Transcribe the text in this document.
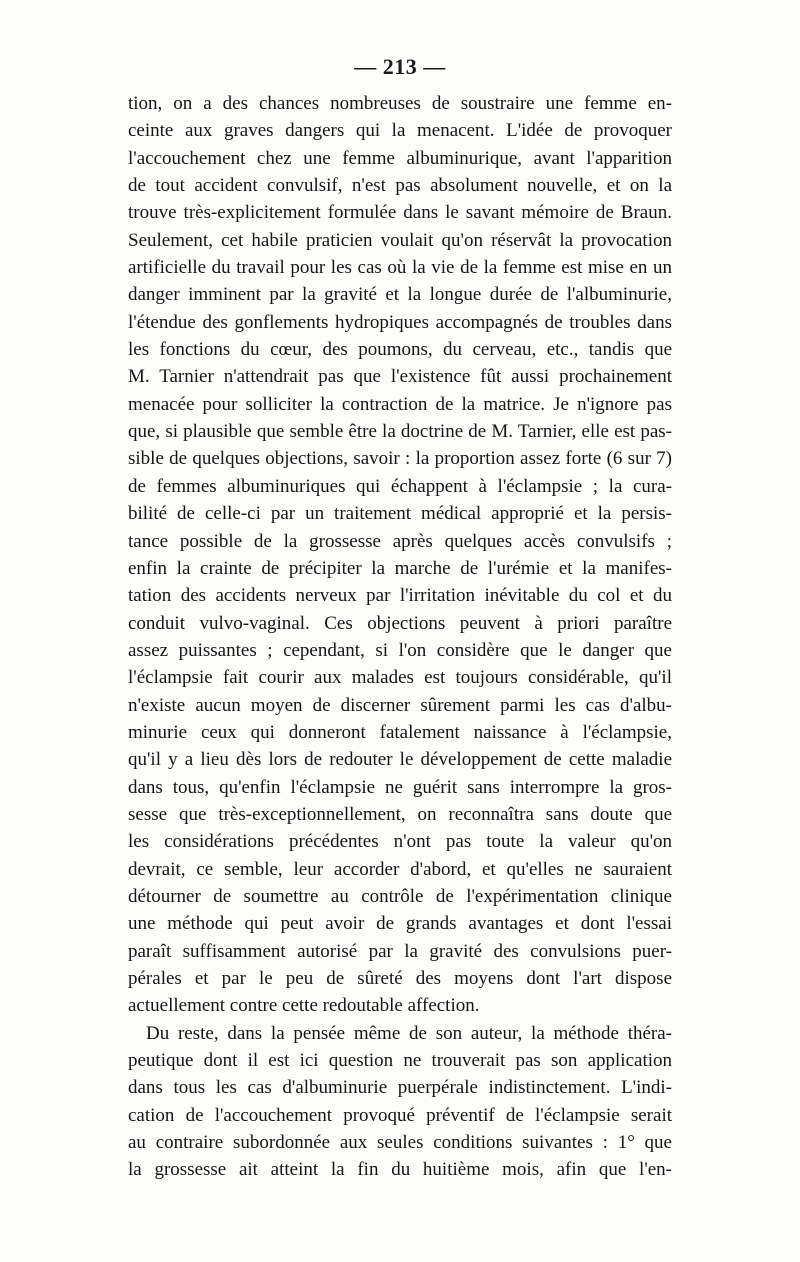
— 213 —
tion, on a des chances nombreuses de soustraire une femme en-
ceinte aux graves dangers qui la menacent. L'idée de provoquer
l'accouchement chez une femme albuminurique, avant l'apparition
de tout accident convulsif, n'est pas absolument nouvelle, et on la
trouve très-explicitement formulée dans le savant mémoire de Braun.
Seulement, cet habile praticien voulait qu'on réservât la provocation
artificielle du travail pour les cas où la vie de la femme est mise en un
danger imminent par la gravité et la longue durée de l'albuminurie,
l'étendue des gonflements hydropiques accompagnés de troubles dans
les fonctions du cœur, des poumons, du cerveau, etc., tandis que
M. Tarnier n'attendrait pas que l'existence fût aussi prochainement
menacée pour solliciter la contraction de la matrice. Je n'ignore pas
que, si plausible que semble être la doctrine de M. Tarnier, elle est pas-
sible de quelques objections, savoir : la proportion assez forte (6 sur 7)
de femmes albuminuriques qui échappent à l'éclampsie ; la cura-
bilité de celle-ci par un traitement médical approprié et la persis-
tance possible de la grossesse après quelques accès convulsifs ;
enfin la crainte de précipiter la marche de l'urémie et la manifes-
tation des accidents nerveux par l'irritation inévitable du col et du
conduit vulvo-vaginal. Ces objections peuvent à priori paraître
assez puissantes ; cependant, si l'on considère que le danger que
l'éclampsie fait courir aux malades est toujours considérable, qu'il
n'existe aucun moyen de discerner sûrement parmi les cas d'albu-
minurie ceux qui donneront fatalement naissance à l'éclampsie,
qu'il y a lieu dès lors de redouter le développement de cette maladie
dans tous, qu'enfin l'éclampsie ne guérit sans interrompre la gros-
sesse que très-exceptionnellement, on reconnaîtra sans doute que
les considérations précédentes n'ont pas toute la valeur qu'on
devrait, ce semble, leur accorder d'abord, et qu'elles ne sauraient
détourner de soumettre au contrôle de l'expérimentation clinique
une méthode qui peut avoir de grands avantages et dont l'essai
paraît suffisamment autorisé par la gravité des convulsions puer-
pérales et par le peu de sûreté des moyens dont l'art dispose
actuellement contre cette redoutable affection.
Du reste, dans la pensée même de son auteur, la méthode théra-
peutique dont il est ici question ne trouverait pas son application
dans tous les cas d'albuminurie puerpérale indistinctement. L'indi-
cation de l'accouchement provoqué préventif de l'éclampsie serait
au contraire subordonnée aux seules conditions suivantes : 1° que
la grossesse ait atteint la fin du huitième mois, afin que l'en-
